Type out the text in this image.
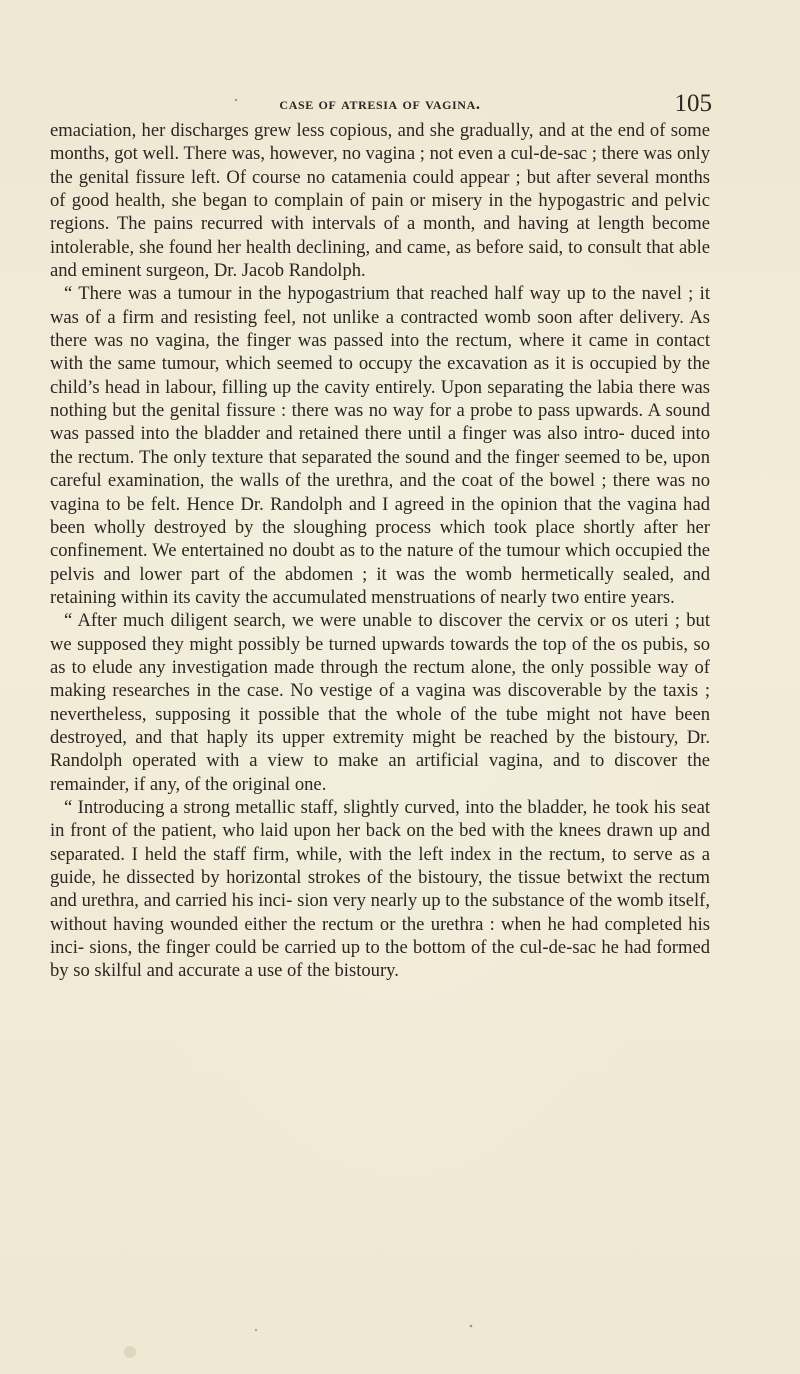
case of atresia of vagina.	105

emaciation, her discharges grew less copious, and she gradually, and at the end of some months, got well. There was, however, no vagina ; not even a cul-de-sac ; there was only the genital fissure left. Of course no catamenia could appear ; but after several months of good health, she began to complain of pain or misery in the hypogastric and pelvic regions. The pains recurred with intervals of a month, and having at length become intolerable, she found her health declining, and came, as before said, to consult that able and eminent surgeon, Dr. Jacob Randolph.

“ There was a tumour in the hypogastrium that reached half way up to the navel ; it was of a firm and resisting feel, not unlike a contracted womb soon after delivery. As there was no vagina, the finger was passed into the rectum, where it came in contact with the same tumour, which seemed to occupy the excavation as it is occupied by the child’s head in labour, filling up the cavity entirely. Upon separating the labia there was nothing but the genital fissure : there was no way for a probe to pass upwards. A sound was passed into the bladder and retained there until a finger was also intro- duced into the rectum. The only texture that separated the sound and the finger seemed to be, upon careful examination, the walls of the urethra, and the coat of the bowel ; there was no vagina to be felt. Hence Dr. Randolph and I agreed in the opinion that the vagina had been wholly destroyed by the sloughing process which took place shortly after her confinement. We entertained no doubt as to the nature of the tumour which occupied the pelvis and lower part of the abdomen ; it was the womb hermetically sealed, and retaining within its cavity the accumulated menstruations of nearly two entire years.

“ After much diligent search, we were unable to discover the cervix or os uteri ; but we supposed they might possibly be turned upwards towards the top of the os pubis, so as to elude any investigation made through the rectum alone, the only possible way of making researches in the case. No vestige of a vagina was discoverable by the taxis ; nevertheless, supposing it possible that the whole of the tube might not have been destroyed, and that haply its upper extremity might be reached by the bistoury, Dr. Randolph operated with a view to make an artificial vagina, and to discover the remainder, if any, of the original one.

“ Introducing a strong metallic staff, slightly curved, into the bladder, he took his seat in front of the patient, who laid upon her back on the bed with the knees drawn up and separated. I held the staff firm, while, with the left index in the rectum, to serve as a guide, he dissected by horizontal strokes of the bistoury, the tissue betwixt the rectum and urethra, and carried his inci- sion very nearly up to the substance of the womb itself, without having wounded either the rectum or the urethra : when he had completed his inci- sions, the finger could be carried up to the bottom of the cul-de-sac he had formed by so skilful and accurate a use of the bistoury.
